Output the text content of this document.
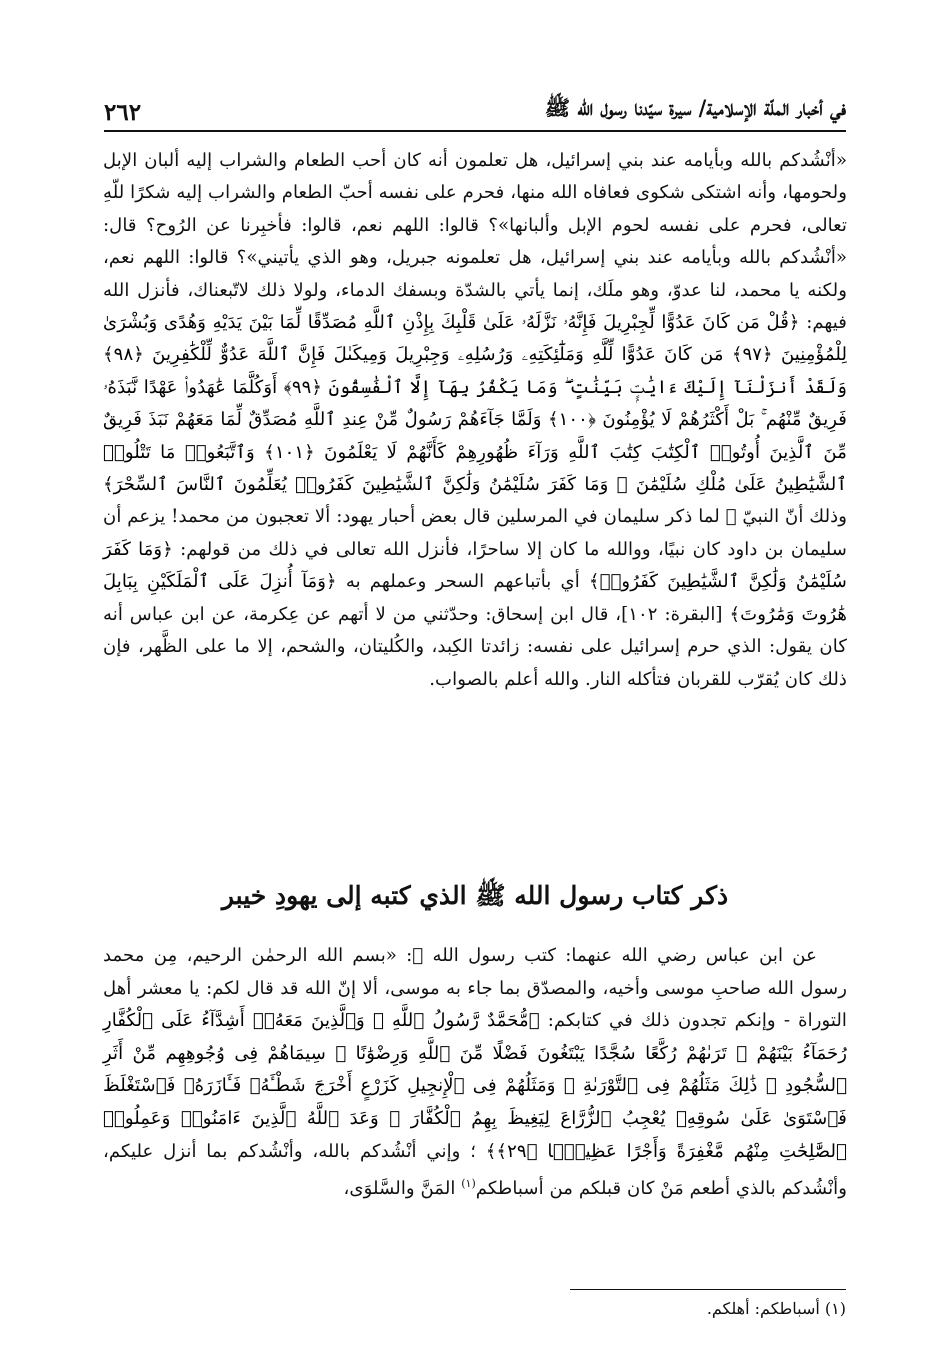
في أخبار الملّة الإسلامية/ سيرة سيّدنا رسول الله ﷺ
٢٦٢

«أنْشُدكم بالله وبأيامه عند بني إسرائيل، هل تعلمون أنه كان أحب الطعام والشراب إليه ألبان الإبل ولحومها، وأنه اشتكى شكوى فعافاه الله منها، فحرم على نفسه أحبّ الطعام والشراب إليه شكرًا للّهِ تعالى، فحرم على نفسه لحوم الإبل وألبانها»؟ قالوا: اللهم نعم، قالوا: فأخبِرنا عن الرُوح؟ قال: «أنْشُدكم بالله وبأيامه عند بني إسرائيل، هل تعلمونه جبريل، وهو الذي يأتيني»؟ قالوا: اللهم نعم، ولكنه يا محمد، لنا عدوّ، وهو ملَك، إنما يأتي بالشدّة وبسفك الدماء، ولولا ذلك لاتّبعناك، فأنزل الله فيهم: ﴿قُلْ مَن كَانَ عَدُوًّا لِّجِبْرِيلَ فَإِنَّهُۥ نَزَّلَهُۥ عَلَىٰ قَلْبِكَ بِإِذْنِ ٱللَّهِ مُصَدِّقًا لِّمَا بَيْنَ يَدَيْهِ وَهُدًى وَبُشْرَىٰ لِلْمُؤْمِنِينَ ﴿٩٧﴾ مَن كَانَ عَدُوًّا لِّلَّهِ وَمَلَٰٓئِكَتِهِۦ وَرُسُلِهِۦ وَجِبْرِيلَ وَمِيكَىٰلَ فَإِنَّ ٱللَّهَ عَدُوٌّ لِّلْكَٰفِرِينَ ﴿٩٨﴾ وَلَقَدْ أَنزَلْنَآ إِلَيْكَ ءَايَٰتٍۭ بَيِّنَٰتٍ ۖ وَمَا يَكْفُرُ بِهَآ إِلَّا ٱلْفَٰسِقُونَ ﴿٩٩﴾ أَوَكُلَّمَا عَٰهَدُوا۟ عَهْدًا نَّبَذَهُۥ فَرِيقٌ مِّنْهُم ۚ بَلْ أَكْثَرُهُمْ لَا يُؤْمِنُونَ ﴿١٠٠﴾ وَلَمَّا جَآءَهُمْ رَسُولٌ مِّنْ عِندِ ٱللَّهِ مُصَدِّقٌ لِّمَا مَعَهُمْ نَبَذَ فَرِيقٌ مِّنَ ٱلَّذِينَ أُوتُوا۟ ٱلْكِتَٰبَ كِتَٰبَ ٱللَّهِ وَرَآءَ ظُهُورِهِمْ كَأَنَّهُمْ لَا يَعْلَمُونَ ﴿١٠١﴾ وَٱتَّبَعُوا۟ مَا تَتْلُوا۟ ٱلشَّيَٰطِينُ عَلَىٰ مُلْكِ سُلَيْمَٰنَ ۖ وَمَا كَفَرَ سُلَيْمَٰنُ وَلَٰكِنَّ ٱلشَّيَٰطِينَ كَفَرُوا۟ يُعَلِّمُونَ ٱلنَّاسَ ٱلسِّحْرَ﴾ وذلك أنّ النبيّ ﷺ لما ذكر سليمان في المرسلين قال بعض أحبار يهود: ألا تعجبون من محمد! يزعم أن سليمان بن داود كان نبيًا، ووالله ما كان إلا ساحرًا، فأنزل الله تعالى في ذلك من قولهم: ﴿وَمَا كَفَرَ سُلَيْمَٰنُ وَلَٰكِنَّ ٱلشَّيَٰطِينَ كَفَرُوا۟﴾ أي بأتباعهم السحر وعملهم به ﴿وَمَآ أُنزِلَ عَلَى ٱلْمَلَكَيْنِ بِبَابِلَ هَٰرُوتَ وَمَٰرُوتَ﴾ [البقرة: ١٠٢]، قال ابن إسحاق: وحدّثني من لا أتهم عن عِكرمة، عن ابن عباس أنه كان يقول: الذي حرم إسرائيل على نفسه: زائدتا الكِبد، والكُليتان، والشحم، إلا ما على الظَّهر، فإن ذلك كان يُقرّب للقربان فتأكله النار. والله أعلم بالصواب.

ذكر كتاب رسول الله ﷺ الذي كتبه إلى يهودِ خيبر

عن ابن عباس رضي الله عنهما: كتب رسول الله ﷺ: «بسم الله الرحمٰن الرحيم، مِن محمد رسول الله صاحبِ موسى وأخيه، والمصدّق بما جاء به موسى، ألا إنّ الله قد قال لكم: يا معشر أهل التوراة - وإنكم تجدون ذلك في كتابكم: ﴿مُّحَمَّدٌ رَّسُولُ ٱللَّهِ ۚ وَٱلَّذِينَ مَعَهُۥٓ أَشِدَّآءُ عَلَى ٱلْكُفَّارِ رُحَمَآءُ بَيْنَهُمْ ۖ تَرَىٰهُمْ رُكَّعًا سُجَّدًا يَبْتَغُونَ فَضْلًا مِّنَ ٱللَّهِ وَرِضْوَٰنًا ۖ سِيمَاهُمْ فِى وُجُوهِهِم مِّنْ أَثَرِ ٱلسُّجُودِ ۚ ذَٰلِكَ مَثَلُهُمْ فِى ٱلتَّوْرَىٰةِ ۚ وَمَثَلُهُمْ فِى ٱلْإِنجِيلِ كَزَرْعٍ أَخْرَجَ شَطْـَٔهُۥ فَـَٔازَرَهُۥ فَٱسْتَغْلَظَ فَٱسْتَوَىٰ عَلَىٰ سُوقِهِۦ يُعْجِبُ ٱلزُّرَّاعَ لِيَغِيظَ بِهِمُ ٱلْكُفَّارَ ۗ وَعَدَ ٱللَّهُ ٱلَّذِينَ ءَامَنُوا۟ وَعَمِلُوا۟ ٱلصَّٰلِحَٰتِ مِنْهُم مَّغْفِرَةً وَأَجْرًا عَظِيمًۢا ﴿٢٩﴾﴾ ؛ وإني أنْشُدكم بالله، وأنْشُدكم بما أنزل عليكم، وأنْشُدكم بالذي أطعم مَنْ كان قبلكم من أسباطكم$^{(١)}$ المَنَّ والسَّلوَى،

(١) أسباطكم: أهلكم.
